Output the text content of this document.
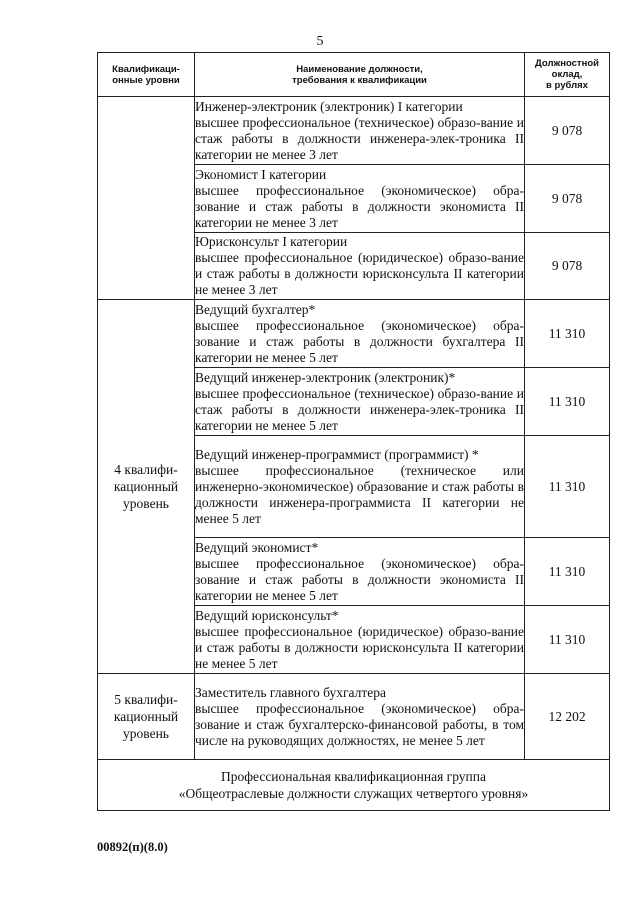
5
Квалификаци-
онные уровни	Наименование должности,
требования к квалификации	Должностной
оклад,
в рублях

	Инженер-электроник (электроник) I категории
высшее профессиональное (техническое) образо-вание и стаж работы в должности инженера-элек-троника II категории не менее 3 лет	9 078

	Экономист I категории
высшее профессиональное (экономическое) обра-зование и стаж работы в должности экономиста II категории не менее 3 лет	9 078

	Юрисконсульт I категории
высшее профессиональное (юридическое) образо-вание и стаж работы в должности юрисконсульта II категории не менее 3 лет	9 078
4 квалифи-
кационный
уровень	Ведущий бухгалтер*
высшее профессиональное (экономическое) обра-зование и стаж работы в должности бухгалтера II категории не менее 5 лет	11 310

	Ведущий инженер-электроник (электроник)*
высшее профессиональное (техническое) образо-вание и стаж работы в должности инженера-элек-троника II категории не менее 5 лет	11 310

	Ведущий инженер-программист (программист) *
высшее профессиональное (техническое или инженерно-экономическое) образование и стаж работы в должности инженера-программиста II категории не менее 5 лет	11 310

	Ведущий экономист*
высшее профессиональное (экономическое) обра-зование и стаж работы в должности экономиста II категории не менее 5 лет	11 310

	Ведущий юрисконсульт*
высшее профессиональное (юридическое) образо-вание и стаж работы в должности юрисконсульта II категории не менее 5 лет	11 310
5 квалифи-
кационный
уровень	Заместитель главного бухгалтера
высшее профессиональное (экономическое) обра-зование и стаж бухгалтерско-финансовой работы, в том числе на руководящих должностях, не менее 5 лет	12 202

Профессиональная квалификационная группа
«Общеотраслевые должности служащих четвертого уровня»		
00892(п)(8.0)
